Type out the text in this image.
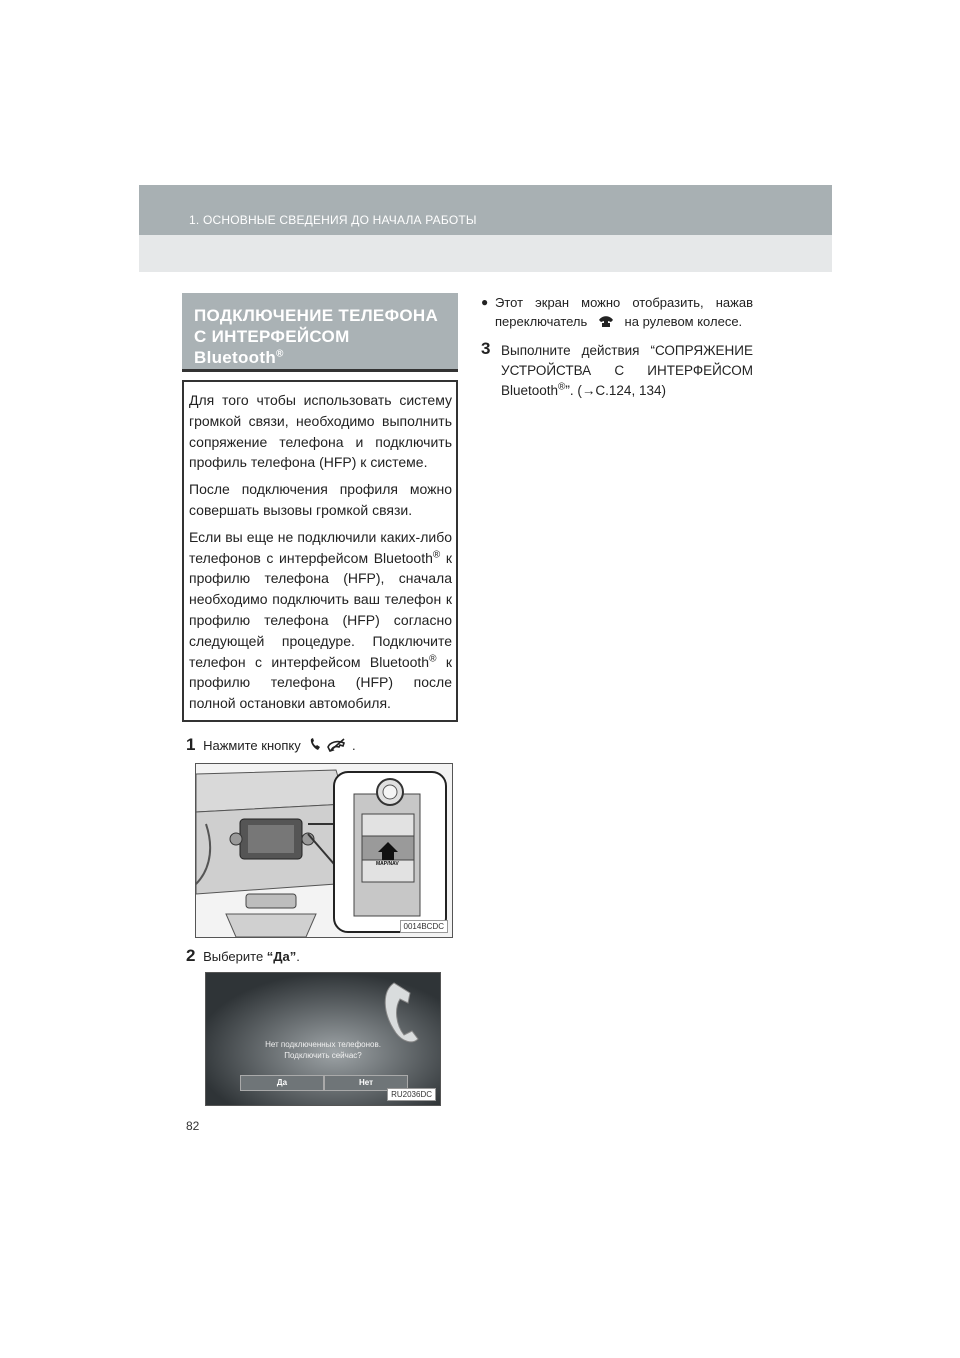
1. ОСНОВНЫЕ СВЕДЕНИЯ ДО НАЧАЛА РАБОТЫ
ПОДКЛЮЧЕНИЕ ТЕЛЕФОНА
С ИНТЕРФЕЙСОМ
Bluetooth®

Для того чтобы использовать систему громкой связи, необходимо выполнить сопряжение телефона и подключить профиль телефона (HFP) к системе.

После подключения профиля можно совершать вызовы громкой связи.

Если вы еще не подключили каких-либо телефонов с интерфейсом Bluetooth® к профилю телефона (HFP), сначала необходимо подключить ваш телефон к профилю телефона (HFP) согласно следующей процедуре. Подключите телефон с интерфейсом Bluetooth® к профилю телефона (HFP) после полной остановки автомобиля.

1 Нажмите кнопку	.
MAP/NAV
0014BCDC
2 Выберите “Да”.
Нет подключенных телефонов.
Подключить сейчас?
Да	Нет
RU2036DC
● Этот экран можно отобразить, нажав переключатель	на рулевом колесе.
3 Выполните действия “СОПРЯЖЕНИЕ УСТРОЙСТВА С ИНТЕРФЕЙСОМ Bluetooth®”. (→С.124, 134)
82
